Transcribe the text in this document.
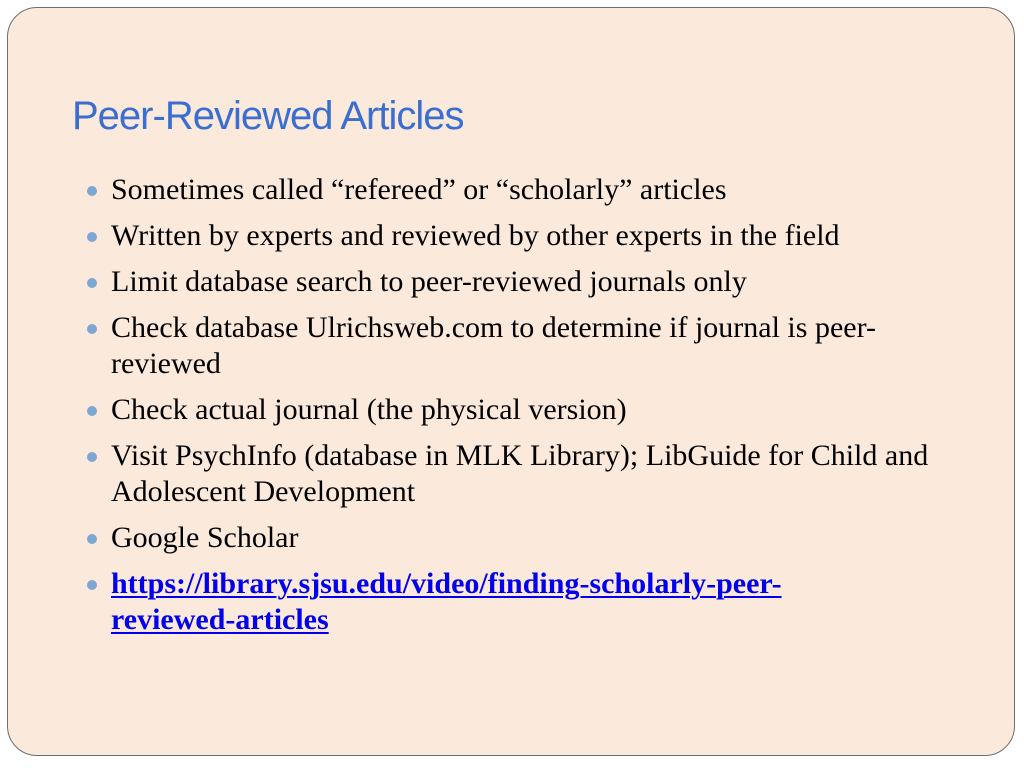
Peer-Reviewed Articles
Sometimes called “refereed” or “scholarly” articles
Written by experts and reviewed by other experts in the field
Limit database search to peer-reviewed journals only
Check database Ulrichsweb.com to determine if journal is peer-reviewed
Check actual journal (the physical version)
Visit PsychInfo (database in MLK Library); LibGuide for Child and Adolescent Development
Google Scholar
https://library.sjsu.edu/video/finding-scholarly-peer-
reviewed-articles
